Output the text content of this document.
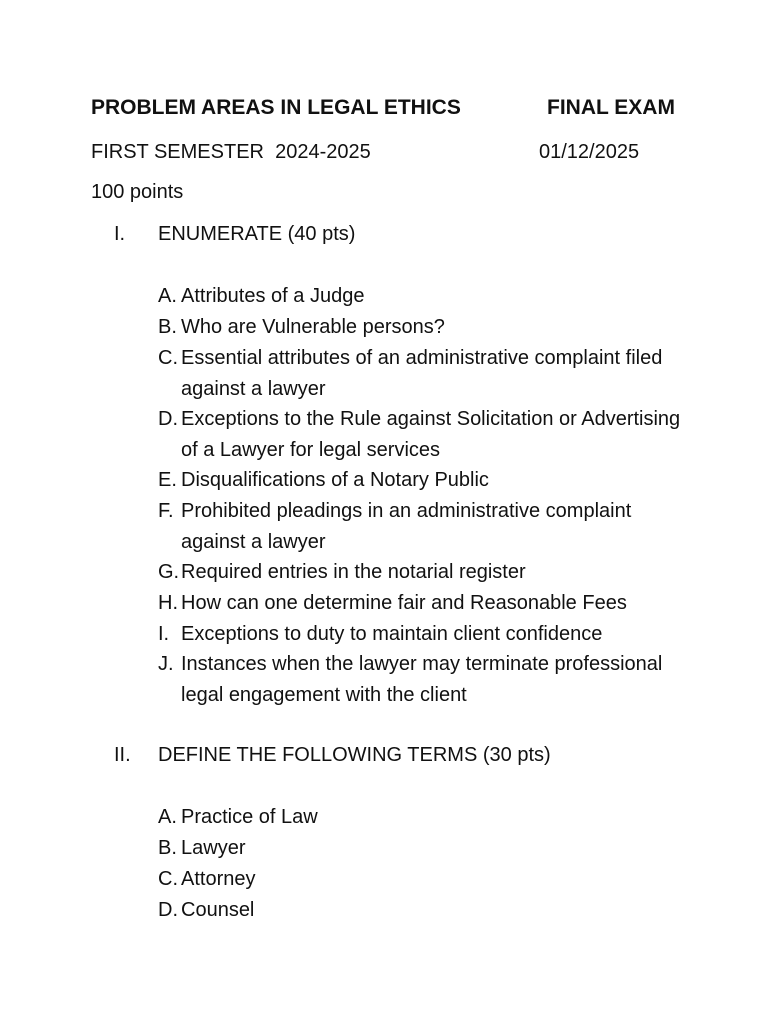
PROBLEM AREAS IN LEGAL ETHICS	FINAL EXAM
FIRST SEMESTER  2024-2025	01/12/2025
100 points
I. ENUMERATE (40 pts)
A. Attributes of a Judge
B. Who are Vulnerable persons?
C. Essential attributes of an administrative complaint filed against a lawyer
D. Exceptions to the Rule against Solicitation or Advertising of a Lawyer for legal services
E. Disqualifications of a Notary Public
F. Prohibited pleadings in an administrative complaint against a lawyer
G. Required entries in the notarial register
H. How can one determine fair and Reasonable Fees
I. Exceptions to duty to maintain client confidence
J. Instances when the lawyer may terminate professional legal engagement with the client
II. DEFINE THE FOLLOWING TERMS (30 pts)
A. Practice of Law
B. Lawyer
C. Attorney
D. Counsel
